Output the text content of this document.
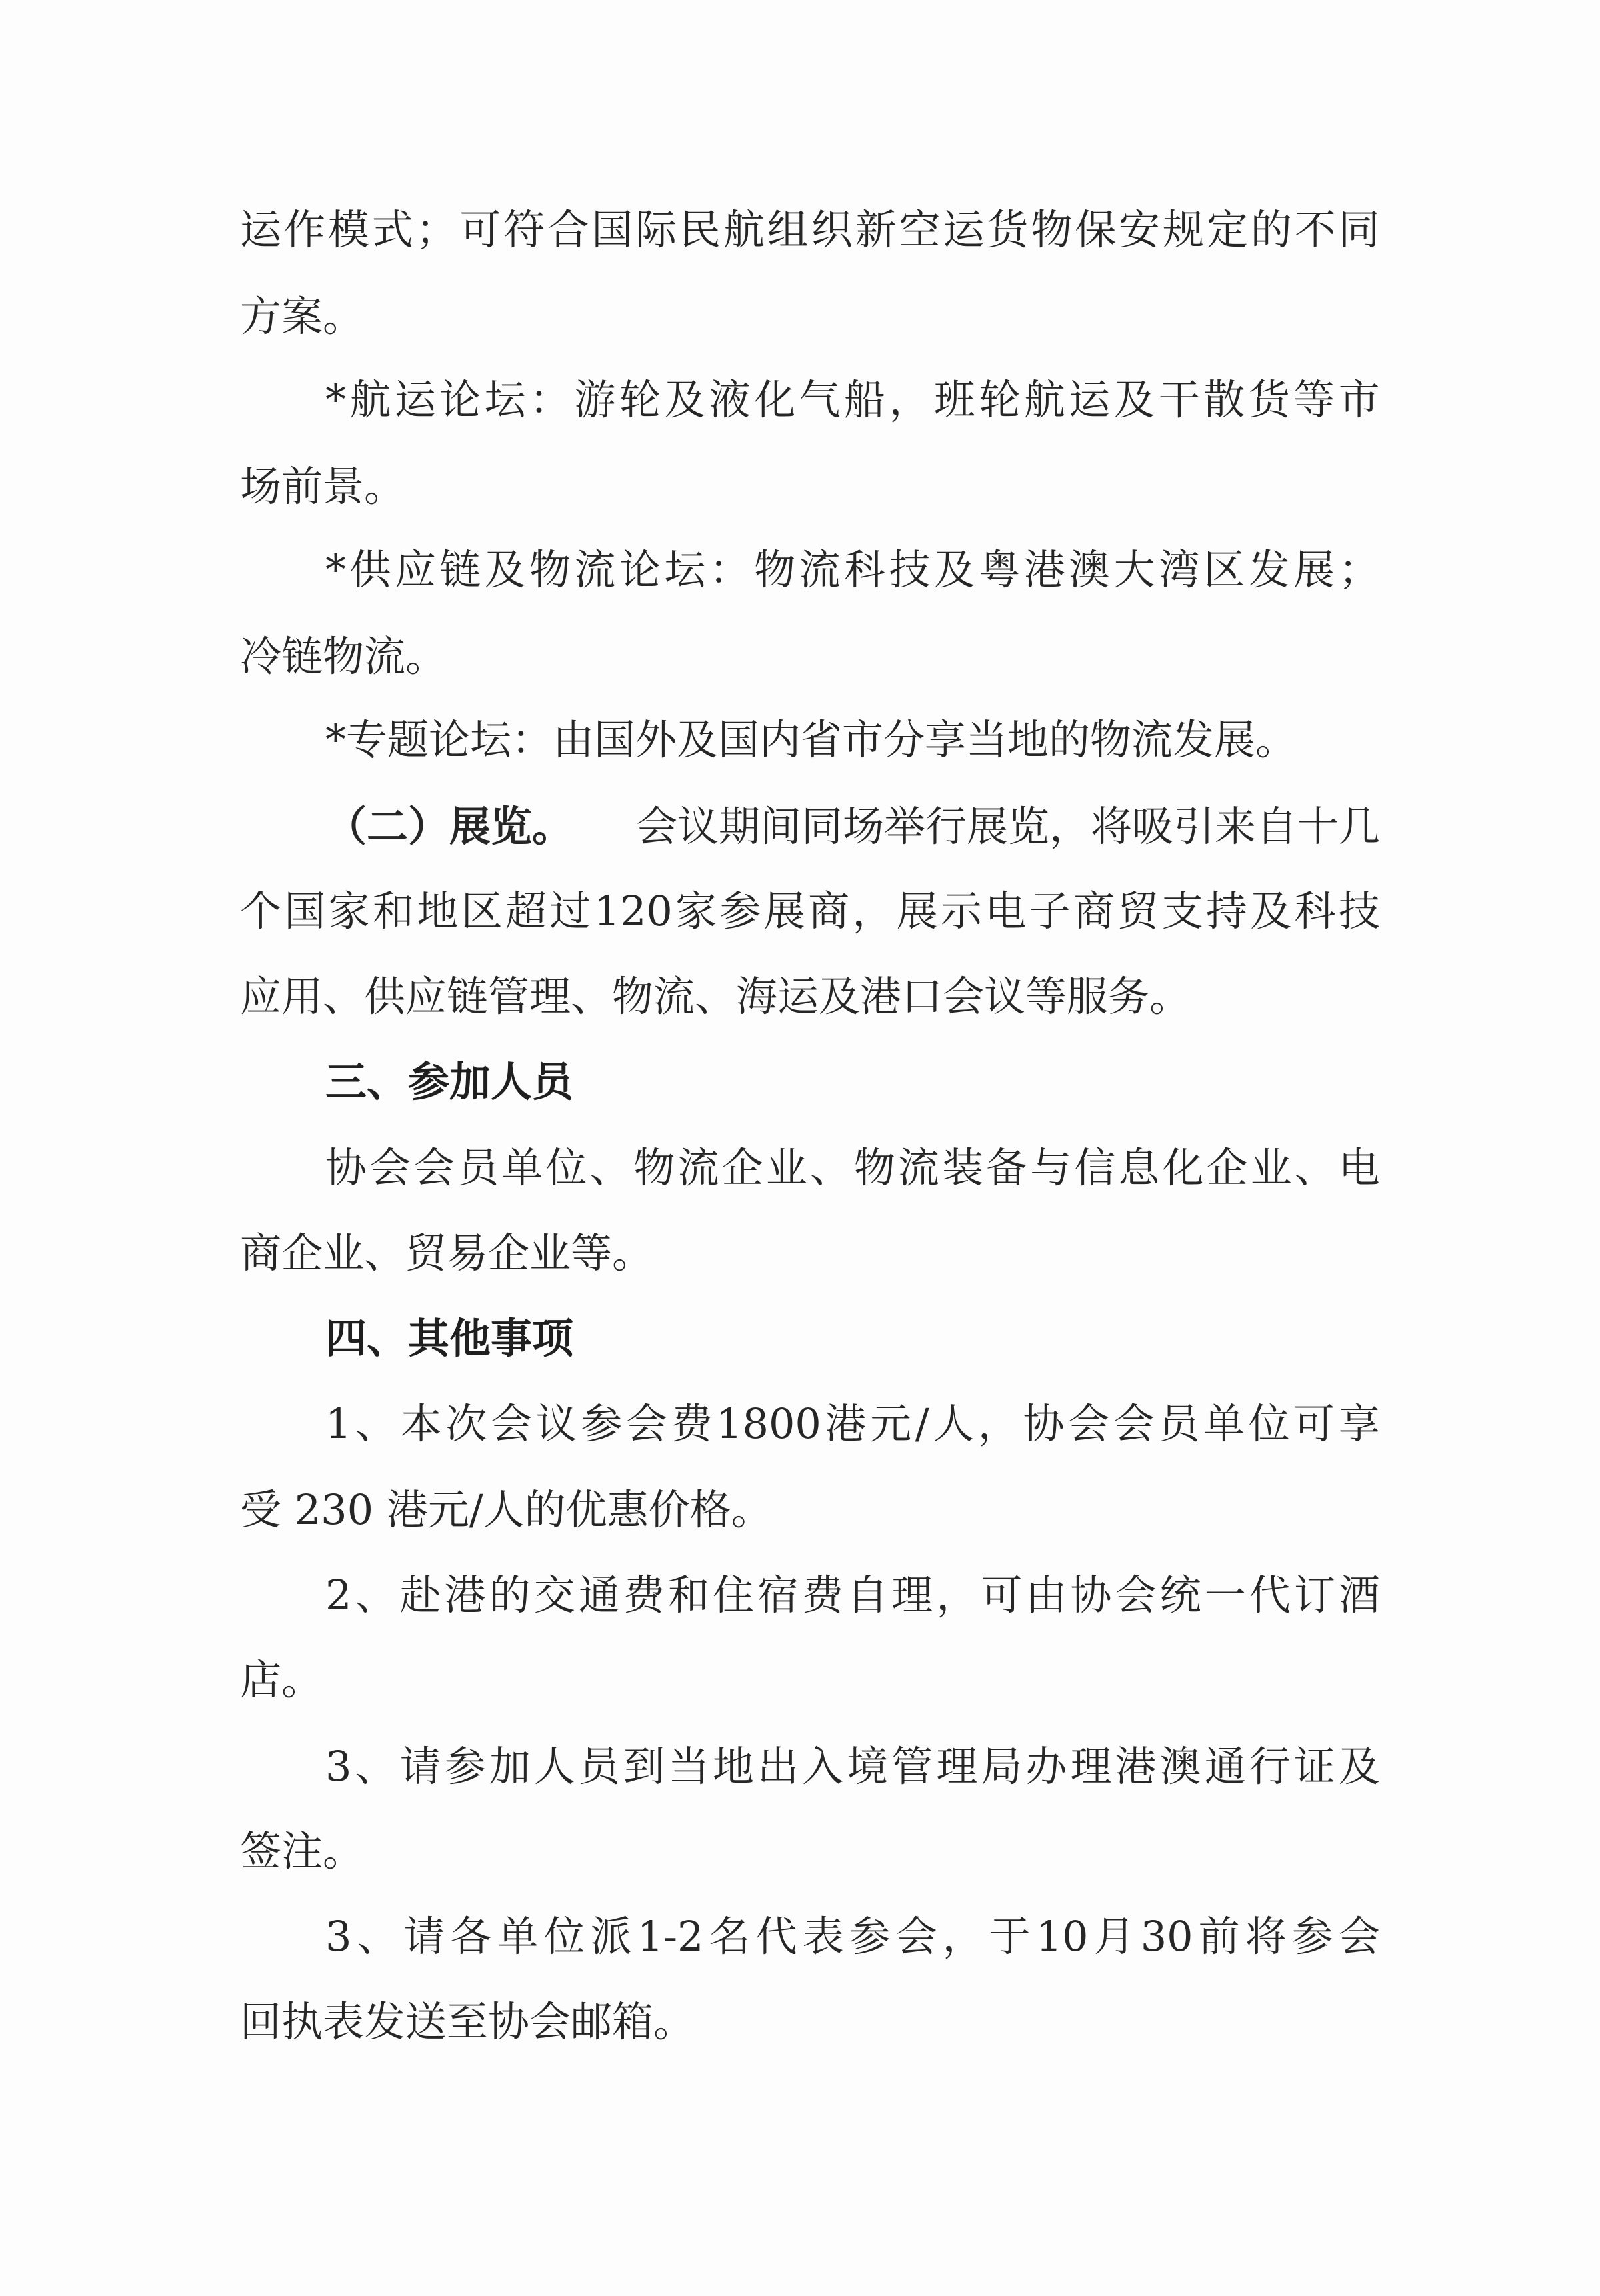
运 作 模 式 ； 可 符 合 国 际 民 航 组 织 新 空 运 货 物 保 安 规 定 的 不 同
方案。
* 航 运 论 坛 ： 游 轮 及 液 化 气 船 ， 班 轮 航 运 及 干 散 货 等 市
场前景。
* 供 应 链 及 物 流 论 坛 ： 物 流 科 技 及 粤 港 澳 大 湾 区 发 展 ；
冷链物流。
*专题论坛：由国外及国内省市分享当地的物流发展。
（二）展览。 会议期间同场举行展览，将吸引来自十几
个 国 家 和 地 区 超 过 120 家 参 展 商 ， 展 示 电 子 商 贸 支 持 及 科 技
应用、供应链管理、物流、海运及港口会议等服务。
三、参加人员
协 会 会 员 单 位 、 物 流 企 业 、 物 流 装 备 与 信 息 化 企 业 、 电
商企业、贸易企业等。
四、其他事项
1 、 本 次 会 议 参 会 费 1800 港 元 / 人 ， 协 会 会 员 单 位 可 享
受 230 港元/人的优惠价格。
2 、 赴 港 的 交 通 费 和 住 宿 费 自 理 ， 可 由 协 会 统 一 代 订 酒
店。
3 、 请 参 加 人 员 到 当 地 出 入 境 管 理 局 办 理 港 澳 通 行 证 及
签注。
3 、 请 各 单 位 派 1-2 名 代 表 参 会 ， 于 10 月 30 前 将 参 会
回执表发送至协会邮箱。
